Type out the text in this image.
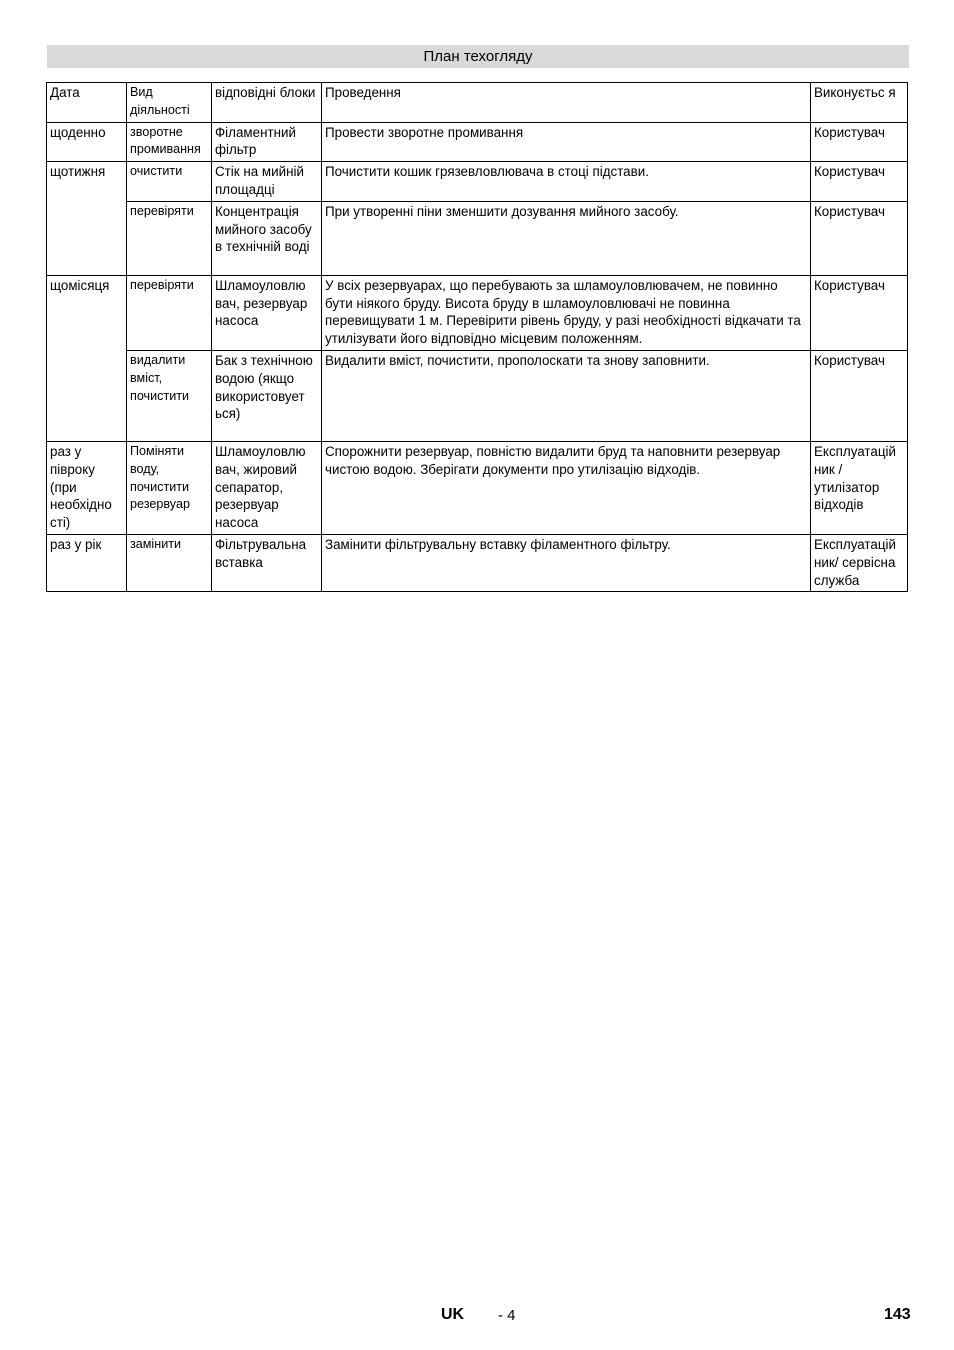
План техогляду
Дата	Вид діяльності	відповідні блоки	Проведення	Виконуєтьс я
щоденно	зворотне промивання	Філаментний фільтр	Провести зворотне промивання	Користувач
щотижня	очистити	Стік на мийній площадці	Почистити кошик грязевловлювача в стоці підстави.	Користувач
	перевіряти	Концентрація мийного засобу в технічній воді	При утворенні піни зменшити дозування мийного засобу.	Користувач
щомісяця	перевіряти	Шламоуловлю вач, резервуар насоса	У всіх резервуарах, що перебувають за шламоуловлювачем, не повинно бути ніякого бруду. Висота бруду в шламоуловлювачі не повинна перевищувати 1 м. Перевірити рівень бруду, у разі необхідності відкачати та утилізувати його відповідно місцевим положенням.	Користувач
	видалити вміст, почистити	Бак з технічною водою (якщо використовует ься)	Видалити вміст, почистити, прополоскати та знову заповнити.	Користувач
раз у півроку (при необхідно сті)	Поміняти воду, почистити резервуар	Шламоуловлю вач, жировий сепаратор, резервуар насоса	Спорожнити резервуар, повністю видалити бруд та наповнити резервуар чистою водою. Зберігати документи про утилізацію відходів.	Експлуатацій ник / утилізатор відходів
раз у рік	замінити	Фільтрувальна вставка	Замінити фільтрувальну вставку філаментного фільтру.	Експлуатацій ник/ сервісна служба
UK - 4	143
